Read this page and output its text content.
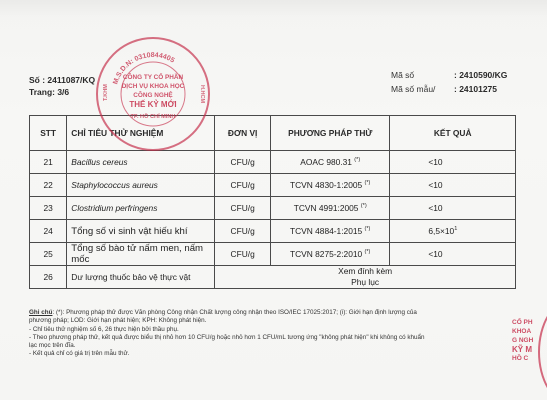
Số : 2411087/KQ
Trang: 3/6
Mã số	: 2410590/KG
Mã số mẫu/ : 24101275
STT	CHỈ TIÊU THỬ NGHIỆM	ĐƠN VỊ	PHƯƠNG PHÁP THỬ	KẾT QUẢ
21	Bacillus cereus	CFU/g	AOAC 980.31 (*)	<10
22	Staphylococcus aureus	CFU/g	TCVN 4830-1:2005 (*)	<10
23	Clostridium perfringens	CFU/g	TCVN 4991:2005 (*)	<10
24	Tổng số vi sinh vật hiếu khí	CFU/g	TCVN 4884-1:2015 (*)	$6,5\times 10^1$
25	Tổng số bào tử nấm men, nấm mốc	CFU/g	TCVN 8275-2:2010 (*)	<10
26	Dư lượng thuốc bảo vệ thực vật	Xem đính kèm
Phụ lục		
M.S.D.N: 0310844405
CÔNG TY CỔ PHẦN
DỊCH VỤ KHOA HỌC
CÔNG NGHỆ
THẾ KỶ MỚI
TP. HỒ CHÍ MINH
T.KHM	H.HCM
Ghi chú: (*): Phương pháp thử được Văn phòng Công nhận Chất lượng công nhận theo ISO/IEC 17025:2017; (i): Giới hạn định lượng của
phương pháp; LOD: Giới hạn phát hiện; KPH: Không phát hiện.
- Chỉ tiêu thử nghiệm số 6, 26 thực hiện bởi thầu phụ.
- Theo phương pháp thử, kết quả được biểu thị nhỏ hơn 10 CFU/g hoặc nhỏ hơn 1 CFU/mL tương ứng "không phát hiện" khi không có khuẩn
lạc mọc trên đĩa.
- Kết quả chỉ có giá trị trên mẫu thử.
CỔ PH
KHOA
G NGH
KỸ M
HỒ C
